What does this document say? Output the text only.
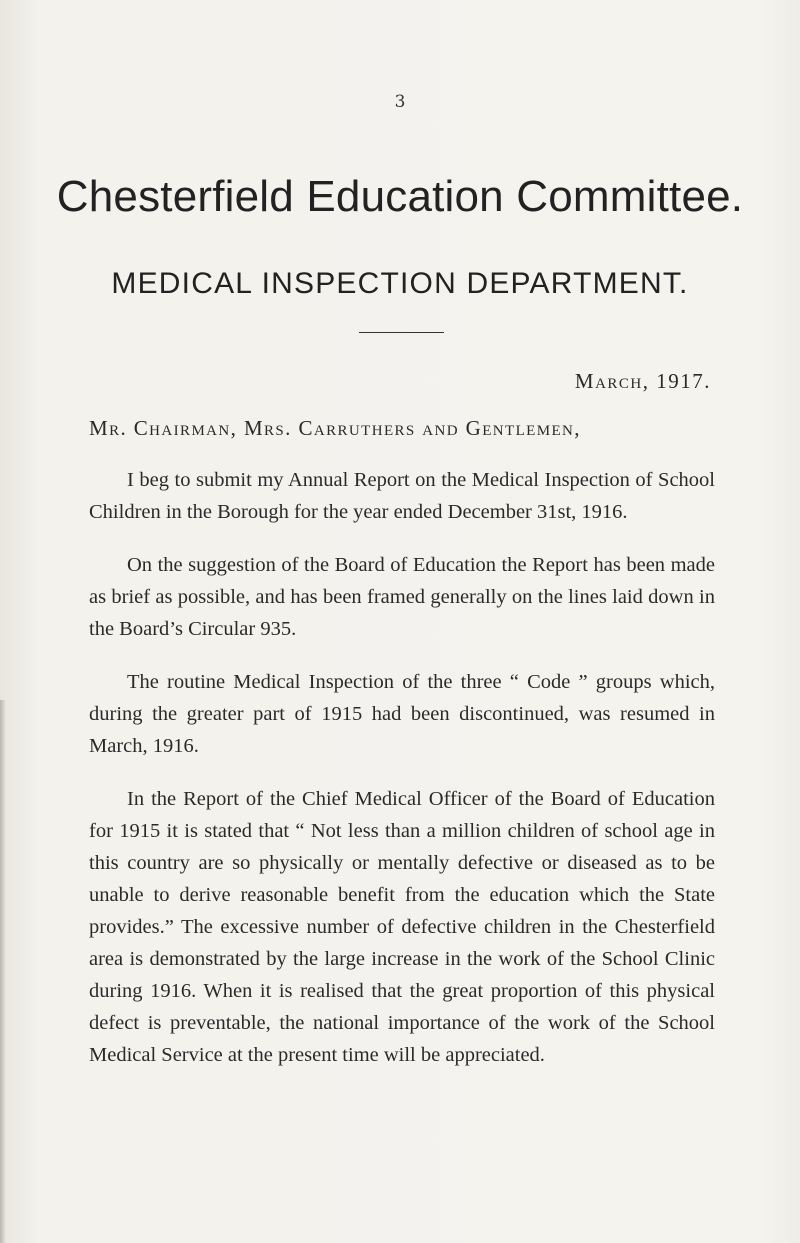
3
Chesterfield Education Committee.
MEDICAL INSPECTION DEPARTMENT.
March, 1917.
Mr. Chairman, Mrs. Carruthers and Gentlemen,

I beg to submit my Annual Report on the Medical Inspection of School Children in the Borough for the year ended December 31st, 1916.

On the suggestion of the Board of Education the Report has been made as brief as possible, and has been framed generally on the lines laid down in the Board’s Circular 935.

The routine Medical Inspection of the three “ Code ” groups which, during the greater part of 1915 had been discontinued, was resumed in March, 1916.

In the Report of the Chief Medical Officer of the Board of Education for 1915 it is stated that “ Not less than a million children of school age in this country are so physically or mentally defective or diseased as to be unable to derive reasonable benefit from the education which the State provides.” The excessive number of defective children in the Chesterfield area is demonstrated by the large increase in the work of the School Clinic during 1916. When it is realised that the great proportion of this physical defect is preventable, the national importance of the work of the School Medical Service at the present time will be appreciated.
